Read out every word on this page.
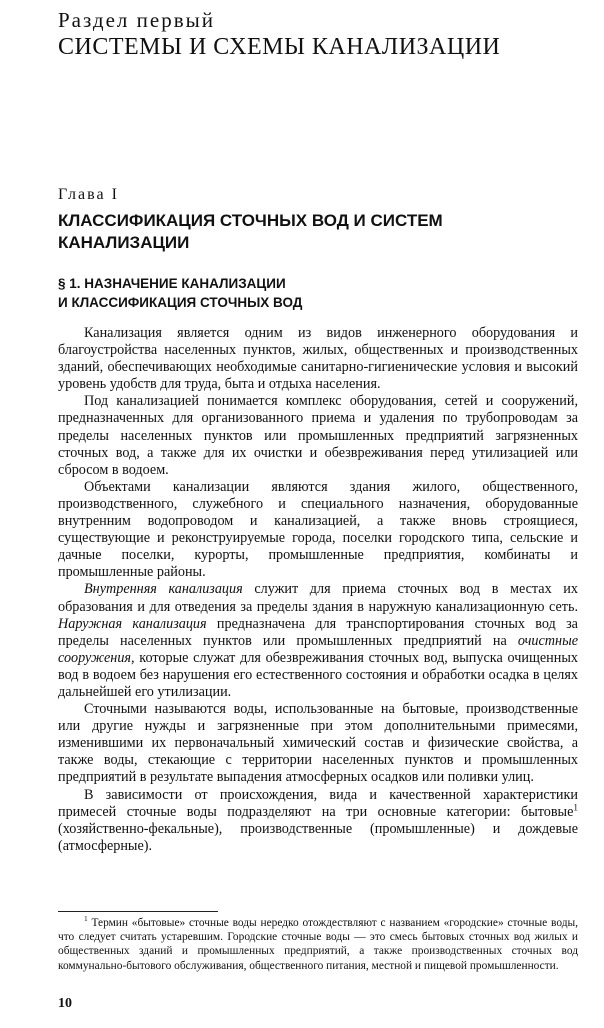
Раздел первый
СИСТЕМЫ И СХЕМЫ КАНАЛИЗАЦИИ
Глава I
КЛАССИФИКАЦИЯ СТОЧНЫХ ВОД И СИСТЕМ КАНАЛИЗАЦИИ
§ 1. НАЗНАЧЕНИЕ КАНАЛИЗАЦИИ
И КЛАССИФИКАЦИЯ СТОЧНЫХ ВОД

Канализация является одним из видов инженерного оборудования и благоустройства населенных пунктов, жилых, общественных и производственных зданий, обеспечивающих необходимые санитарно-гигиенические условия и высокий уровень удобств для труда, быта и отдыха населения.

Под канализацией понимается комплекс оборудования, сетей и сооружений, предназначенных для организованного приема и удаления по трубопроводам за пределы населенных пунктов или промышленных предприятий загрязненных сточных вод, а также для их очистки и обезвреживания перед утилизацией или сбросом в водоем.

Объектами канализации являются здания жилого, общественного, производственного, служебного и специального назначения, оборудованные внутренним водопроводом и канализацией, а также вновь строящиеся, существующие и реконструируемые города, поселки городского типа, сельские и дачные поселки, курорты, промышленные предприятия, комбинаты и промышленные районы.

Внутренняя канализация служит для приема сточных вод в местах их образования и для отведения за пределы здания в наружную канализационную сеть. Наружная канализация предназначена для транспортирования сточных вод за пределы населенных пунктов или промышленных предприятий на очистные сооружения, которые служат для обезвреживания сточных вод, выпуска очищенных вод в водоем без нарушения его естественного состояния и обработки осадка в целях дальнейшей его утилизации.

Сточными называются воды, использованные на бытовые, производственные или другие нужды и загрязненные при этом дополнительными примесями, изменившими их первоначальный химический состав и физические свойства, а также воды, стекающие с территории населенных пунктов и промышленных предприятий в результате выпадения атмосферных осадков или поливки улиц.

В зависимости от происхождения, вида и качественной характеристики примесей сточные воды подразделяют на три основные категории: бытовые$^1$ (хозяйственно-фекальные), производственные (промышленные) и дождевые (атмосферные).

$^1$ Термин «бытовые» сточные воды нередко отождествляют с названием «городские» сточные воды, что следует считать устаревшим. Городские сточные воды — это смесь бытовых сточных вод жилых и общественных зданий и промышленных предприятий, а также производственных сточных вод коммунально-бытового обслуживания, общественного питания, местной и пищевой промышленности.

10
